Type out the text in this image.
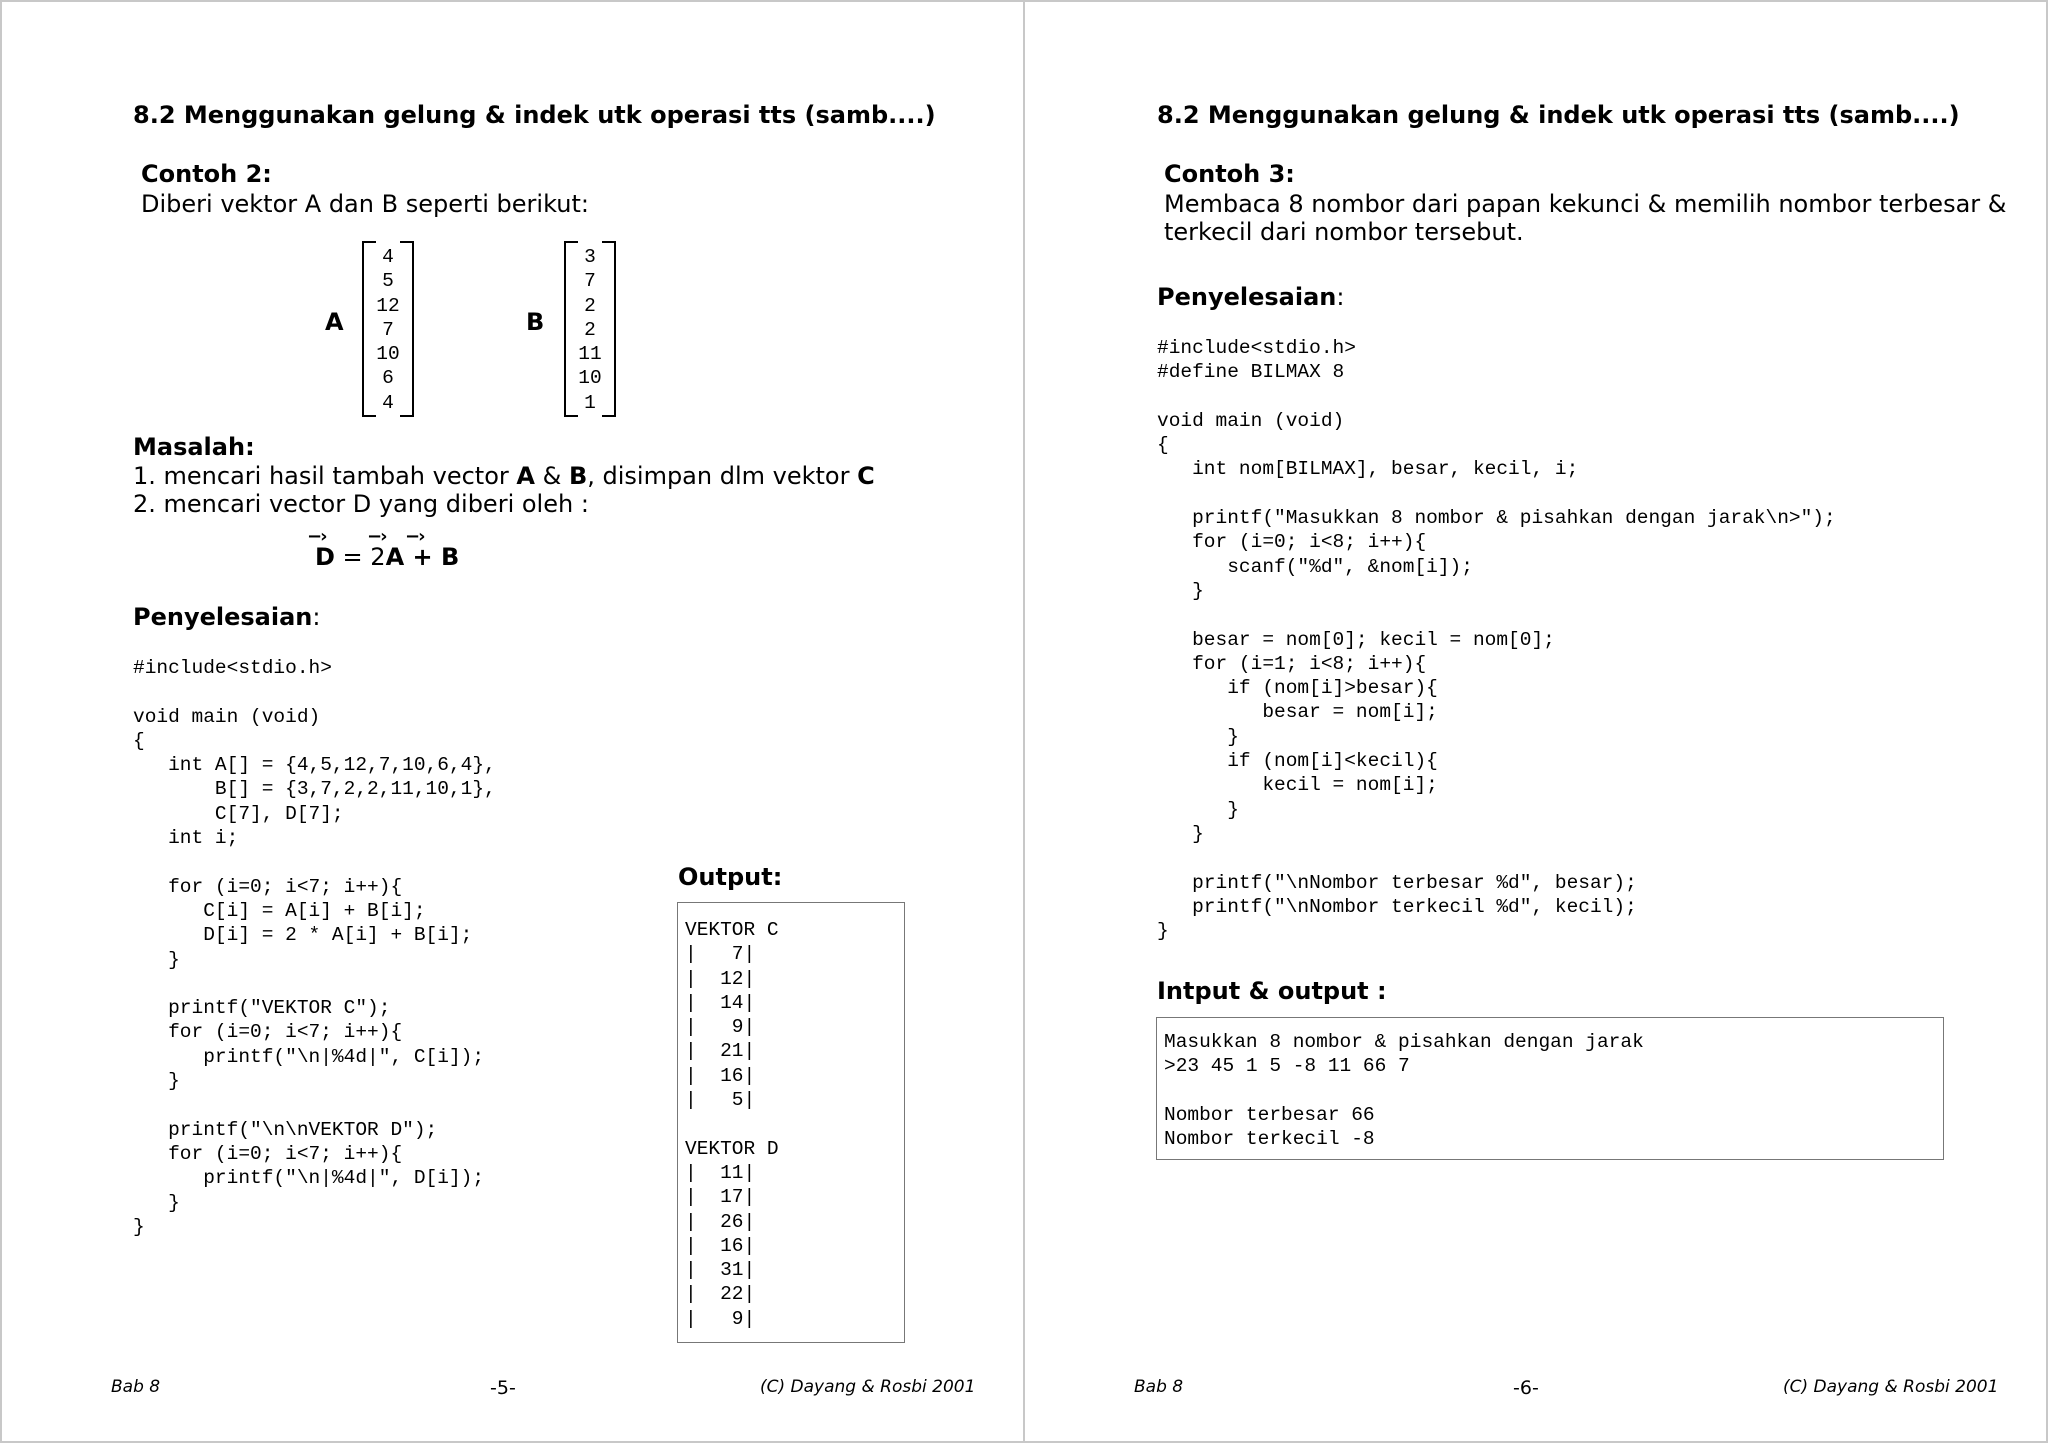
8.2 Menggunakan gelung & indek utk operasi tts (samb....)
Contoh 2:
Diberi vektor A dan B seperti berikut:
A
4
5
12
7
10
6
4
B
3
7
2
2
11
10
1
Masalah:
1. mencari hasil tambah vector A & B, disimpan dlm vektor C
2. mencari vector D yang diberi oleh :
−› −› −›
D = 2A + B
Penyelesaian:
#include<stdio.h>

void main (void)
{
int A[] = {4,5,12,7,10,6,4},
B[] = {3,7,2,2,11,10,1},
C[7], D[7];
int i;

for (i=0; i<7; i++){
C[i] = A[i] + B[i];
D[i] = 2 * A[i] + B[i];
}

printf("VEKTOR C");
for (i=0; i<7; i++){
printf("\n|%4d|", C[i]);
}

printf("\n\nVEKTOR D");
for (i=0; i<7; i++){
printf("\n|%4d|", D[i]);
}
}
Output:
VEKTOR C
|   7|
|  12|
|  14|
|   9|
|  21|
|  16|
|   5|

VEKTOR D
|  11|
|  17|
|  26|
|  16|
|  31|
|  22|
|   9|
Bab 8	-5-	(C) Dayang & Rosbi 2001
8.2 Menggunakan gelung & indek utk operasi tts (samb....)
Contoh 3:
Membaca 8 nombor dari papan kekunci & memilih nombor terbesar &
terkecil dari nombor tersebut.
Penyelesaian:
#include<stdio.h>
#define BILMAX 8

void main (void)
{
int nom[BILMAX], besar, kecil, i;

printf("Masukkan 8 nombor & pisahkan dengan jarak\n>");
for (i=0; i<8; i++){
scanf("%d", &nom[i]);
}

besar = nom[0]; kecil = nom[0];
for (i=1; i<8; i++){
if (nom[i]>besar){
besar = nom[i];
}
if (nom[i]<kecil){
kecil = nom[i];
}
}

printf("\nNombor terbesar %d", besar);
printf("\nNombor terkecil %d", kecil);
}
Intput & output :
Masukkan 8 nombor & pisahkan dengan jarak
>23 45 1 5 -8 11 66 7

Nombor terbesar 66
Nombor terkecil -8
Bab 8	-6-	(C) Dayang & Rosbi 2001
